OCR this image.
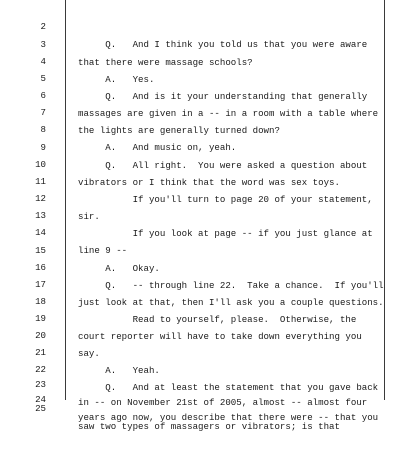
2

Q.   And I think you told us that you were aware

3

that there were massage schools?

4

A.   Yes.

5

Q.   And is it your understanding that generally

6

massages are given in a -- in a room with a table where

7

the lights are generally turned down?

8

A.   And music on, yeah.

9

Q.   All right.  You were asked a question about

10

vibrators or I think that the word was sex toys.

11

If you'll turn to page 20 of your statement,

12

sir.

13

If you look at page -- if you just glance at

14

line 9 --

15

A.   Okay.

16

Q.   -- through line 22.  Take a chance.  If you'll

17

just look at that, then I'll ask you a couple questions.

18

Read to yourself, please.  Otherwise, the

19

court reporter will have to take down everything you

20

say.

21

A.   Yeah.

22

Q.   And at least the statement that you gave back

23

in -- on November 21st of 2005, almost -- almost four

24

years ago now, you describe that there were -- that you

25

saw two types of massagers or vibrators; is that
